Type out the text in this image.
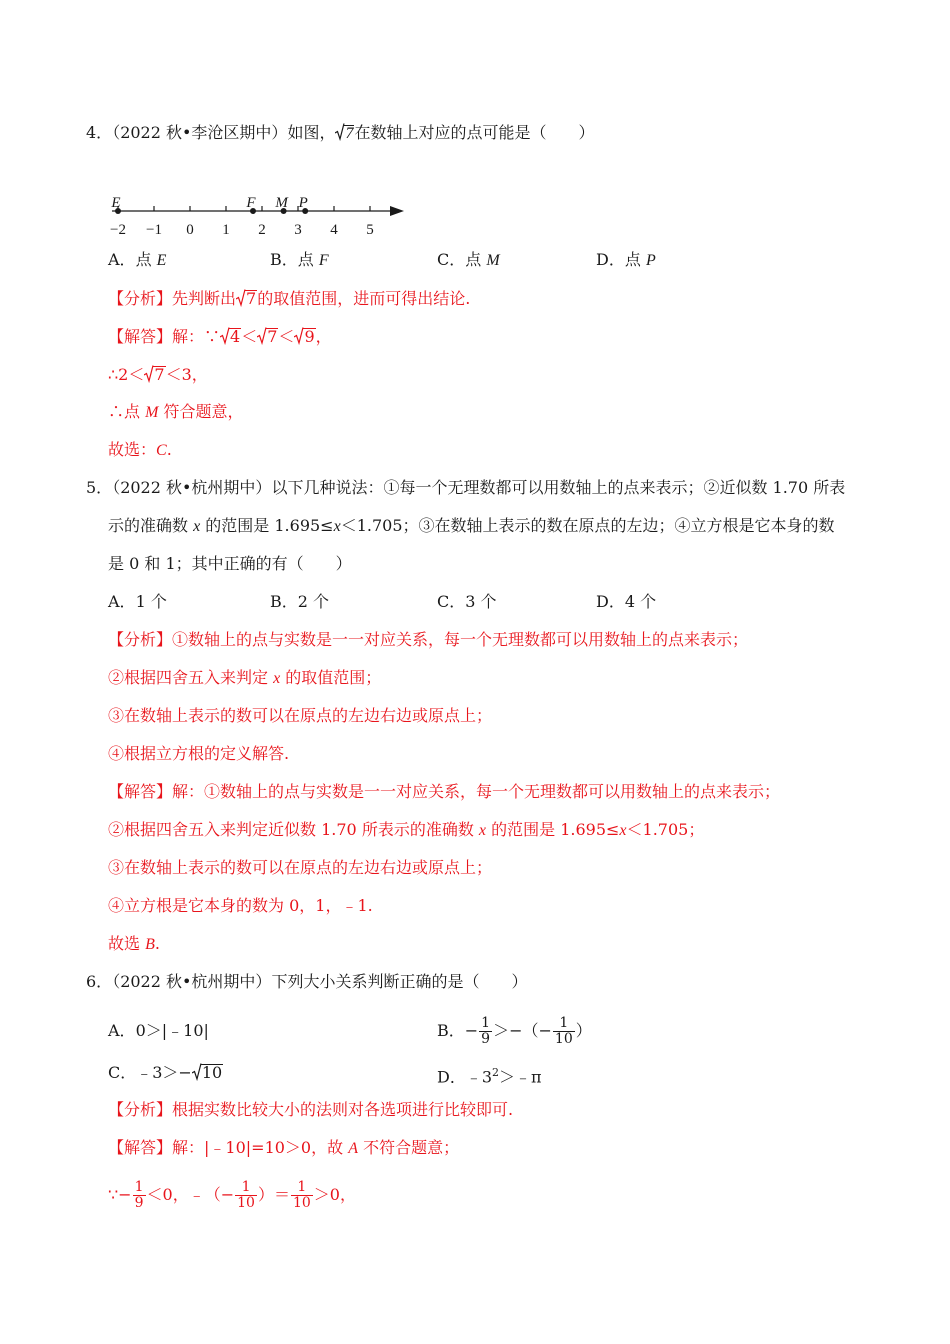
4．（2022 秋•李沧区期中）如图， 7在数轴上对应的点可能是（　　）
−2 −1 0 1 2 3 4 5
E	F M P
A．点 E	B．点 F	C．点 M	D．点 P
【分析】先判断出 7的取值范围，进而可得出结论.
【解答】解：∵ 4＜ 7＜ 9，
∴2＜ 7＜3，
∴点 M 符合题意，
故选：C.
5．（2022 秋•杭州期中）以下几种说法：①每一个无理数都可以用数轴上的点来表示；②近似数 1.70 所表
示的准确数 x 的范围是 1.695≤x＜1.705；③在数轴上表示的数在原点的左边；④立方根是它本身的数
是 0 和 1；其中正确的有（　　）
A．1 个	B．2 个	C．3 个	D．4 个
【分析】①数轴上的点与实数是一一对应关系，每一个无理数都可以用数轴上的点来表示；
②根据四舍五入来判定 x 的取值范围；
③在数轴上表示的数可以在原点的左边右边或原点上；
④根据立方根的定义解答.
【解答】解：①数轴上的点与实数是一一对应关系，每一个无理数都可以用数轴上的点来表示；
②根据四舍五入来判定近似数 1.70 所表示的准确数 x 的范围是 1.695≤x＜1.705；
③在数轴上表示的数可以在原点的左边右边或原点上；
④立方根是它本身的数为 0，1，﹣1.
故选 B.
6．（2022 秋•杭州期中）下列大小关系判断正确的是（　　）
A．0＞|﹣10|	B．− $\frac{1}{9}$ ＞−（− $\frac{1}{10}$ ）
C．﹣3＞− 10	D．$﹣3^2>﹣\pi$
【分析】根据实数比较大小的法则对各选项进行比较即可.
【解答】解：|﹣10|=10＞0，故 A 不符合题意；
∵− $\frac{1}{9} <0$，﹣（− $\frac{1}{10}$ ）＝ $\frac{1}{10} >0$，
